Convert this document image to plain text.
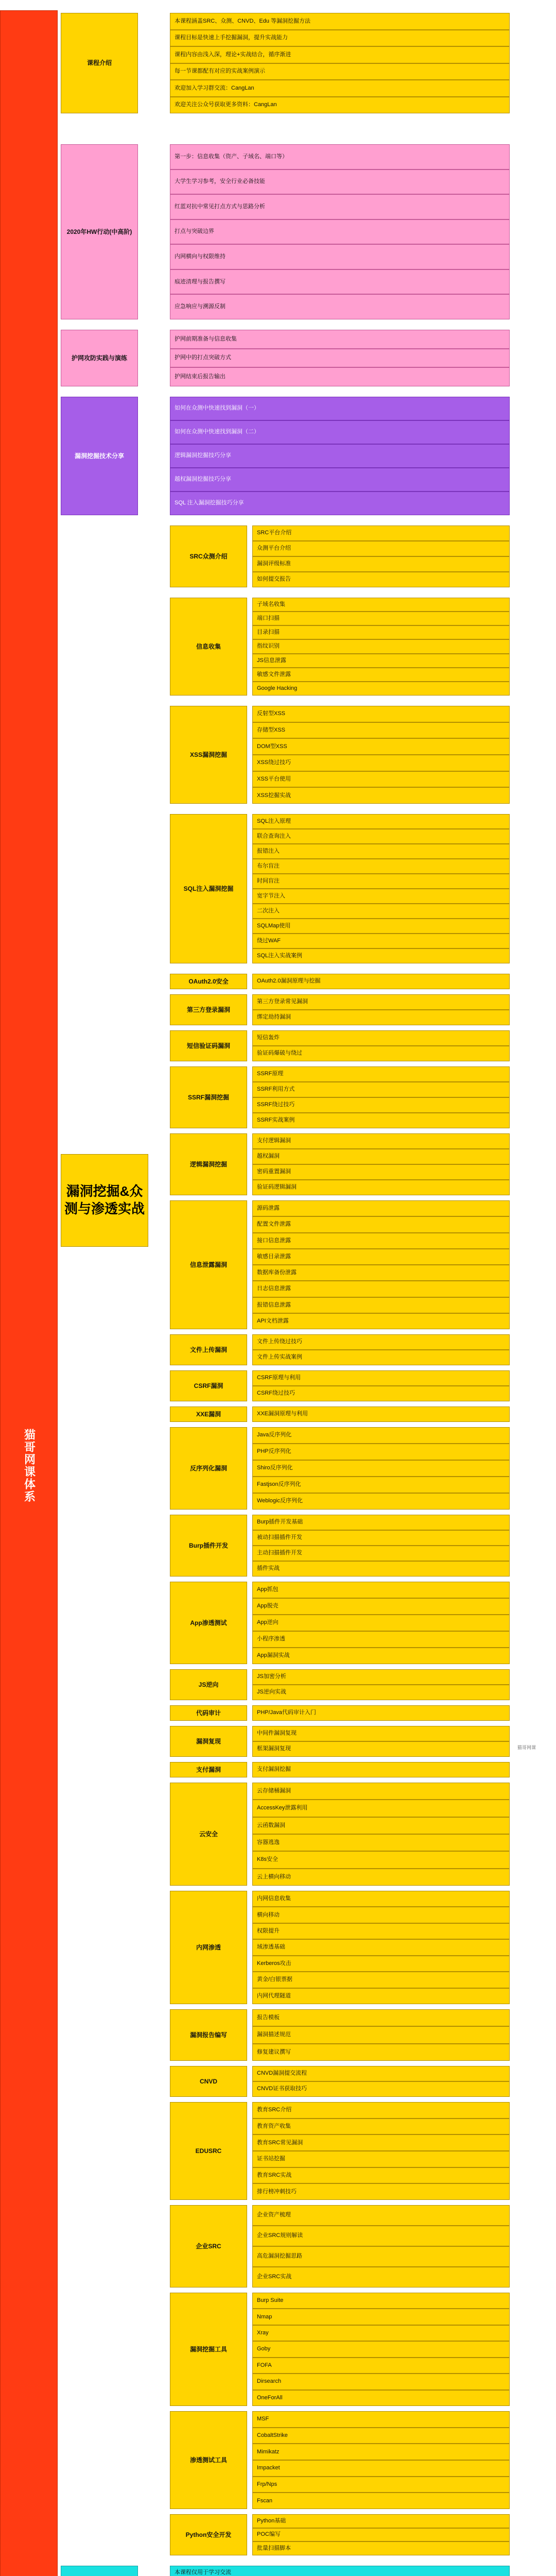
猫哥网课体系
漏洞挖掘&众测与渗透实战
课程介绍
本课程涵盖SRC、众测、CNVD、Edu 等漏洞挖掘方法
课程目标是快速上手挖掘漏洞，提升实战能力
课程内容由浅入深，理论+实战结合，循序渐进
每一节课都配有对应的实战案例演示
欢迎加入学习群交流：CangLan
欢迎关注公众号获取更多资料：CangLan
2020年HW行动(中高阶)
第一步：信息收集（资产、子域名、端口等）
大学生学习参考，安全行业必备技能
红蓝对抗中常见打点方式与思路分析
打点与突破边界
内网横向与权限维持
痕迹清理与报告撰写
应急响应与溯源反制
护网攻防实践与演练
护网前期准备与信息收集
护网中的打点突破方式
护网结束后报告输出
漏洞挖掘技术分享
如何在众测中快速找到漏洞（一）
如何在众测中快速找到漏洞（二）
逻辑漏洞挖掘技巧分享
越权漏洞挖掘技巧分享
SQL 注入漏洞挖掘技巧分享
SRC众测介绍
SRC平台介绍
众测平台介绍
漏洞评级标准
如何提交报告
信息收集
子域名收集
端口扫描
目录扫描
指纹识别
JS信息泄露
敏感文件泄露
Google Hacking
XSS漏洞挖掘
反射型XSS
存储型XSS
DOM型XSS
XSS绕过技巧
XSS平台使用
XSS挖掘实战
SQL注入漏洞挖掘
SQL注入原理
联合查询注入
报错注入
布尔盲注
时间盲注
宽字节注入
二次注入
SQLMap使用
绕过WAF
SQL注入实战案例
OAuth2.0安全	OAuth2.0漏洞原理与挖掘
第三方登录漏洞
第三方登录常见漏洞
绑定劫持漏洞
短信验证码漏洞
短信轰炸
验证码爆破与绕过
SSRF漏洞挖掘
SSRF原理
SSRF利用方式
SSRF绕过技巧
SSRF实战案例
逻辑漏洞挖掘
支付逻辑漏洞
越权漏洞
密码重置漏洞
验证码逻辑漏洞
信息泄露漏洞
源码泄露
配置文件泄露
接口信息泄露
敏感目录泄露
数据库备份泄露
日志信息泄露
报错信息泄露
API文档泄露
文件上传漏洞
文件上传绕过技巧
文件上传实战案例
CSRF漏洞
CSRF原理与利用
CSRF绕过技巧
XXE漏洞	XXE漏洞原理与利用
反序列化漏洞
Java反序列化
PHP反序列化
Shiro反序列化
Fastjson反序列化
Weblogic反序列化
Burp插件开发
Burp插件开发基础
被动扫描插件开发
主动扫描插件开发
插件实战
App渗透测试
App抓包
App脱壳
App逆向
小程序渗透
App漏洞实战
JS逆向
JS加密分析
JS逆向实战
代码审计	PHP/Java代码审计入门
漏洞复现
中间件漏洞复现
框架漏洞复现
支付漏洞	支付漏洞挖掘
云安全
云存储桶漏洞
AccessKey泄露利用
云函数漏洞
容器逃逸
K8s安全
云上横向移动
内网渗透
内网信息收集
横向移动
权限提升
域渗透基础
Kerberos攻击
黄金/白银票据
内网代理隧道
漏洞报告编写
报告模板
漏洞描述规范
修复建议撰写
CNVD
CNVD漏洞提交流程
CNVD证书获取技巧
EDUSRC
教育SRC介绍
教育资产收集
教育SRC常见漏洞
证书站挖掘
教育SRC实战
排行榜冲刺技巧
企业SRC
企业资产梳理
企业SRC规则解读
高危漏洞挖掘思路
企业SRC实战
漏洞挖掘工具
Burp Suite
Nmap
Xray
Goby
FOFA
Dirsearch
OneForAll
渗透测试工具
MSF
CobaltStrike
Mimikatz
Impacket
Frp/Nps
Fscan
Python安全开发
Python基础
POC编写
批量扫描脚本
本课程仅用于学习交流
猫哥网课
